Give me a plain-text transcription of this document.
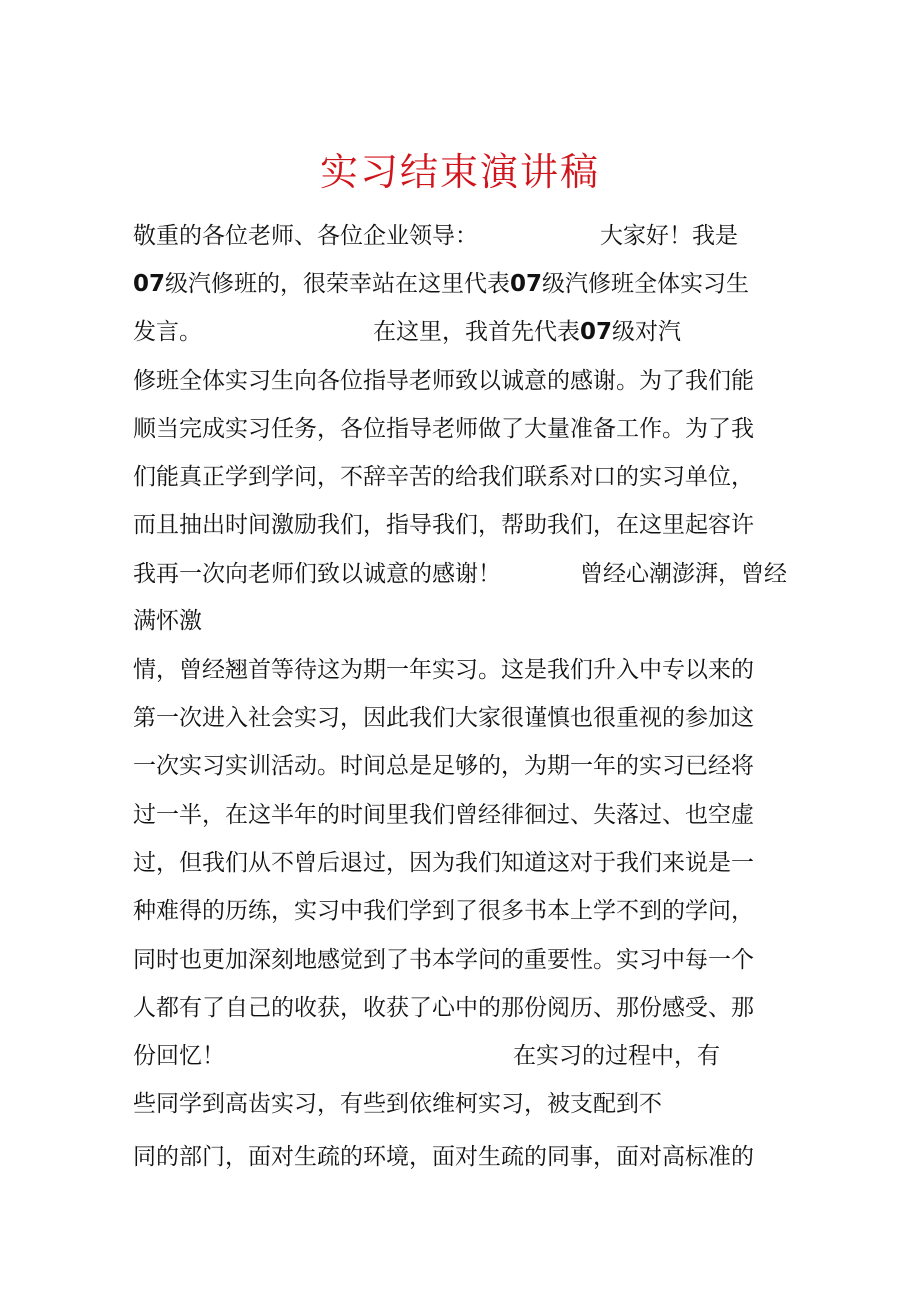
实习结束演讲稿
敬重的各位老师、各位企业领导：	大家好！我是
07级汽修班的，很荣幸站在这里代表07级汽修班全体实习生
发言。	在这里，我首先代表07级对汽
修班全体实习生向各位指导老师致以诚意的感谢。为了我们能
顺当完成实习任务，各位指导老师做了大量准备工作。为了我
们能真正学到学问，不辞辛苦的给我们联系对口的实习单位，
而且抽出时间激励我们，指导我们，帮助我们，在这里起容许
我再一次向老师们致以诚意的感谢！	曾经心潮澎湃，曾经
满怀激
情，曾经翘首等待这为期一年实习。这是我们升入中专以来的
第一次进入社会实习，因此我们大家很谨慎也很重视的参加这
一次实习实训活动。时间总是足够的，为期一年的实习已经将
过一半，在这半年的时间里我们曾经徘徊过、失落过、也空虚
过，但我们从不曾后退过，因为我们知道这对于我们来说是一
种难得的历练，实习中我们学到了很多书本上学不到的学问，
同时也更加深刻地感觉到了书本学问的重要性。实习中每一个
人都有了自己的收获，收获了心中的那份阅历、那份感受、那
份回忆！	在实习的过程中，有
些同学到高齿实习，有些到依维柯实习，被支配到不
同的部门，面对生疏的环境，面对生疏的同事，面对高标准的
